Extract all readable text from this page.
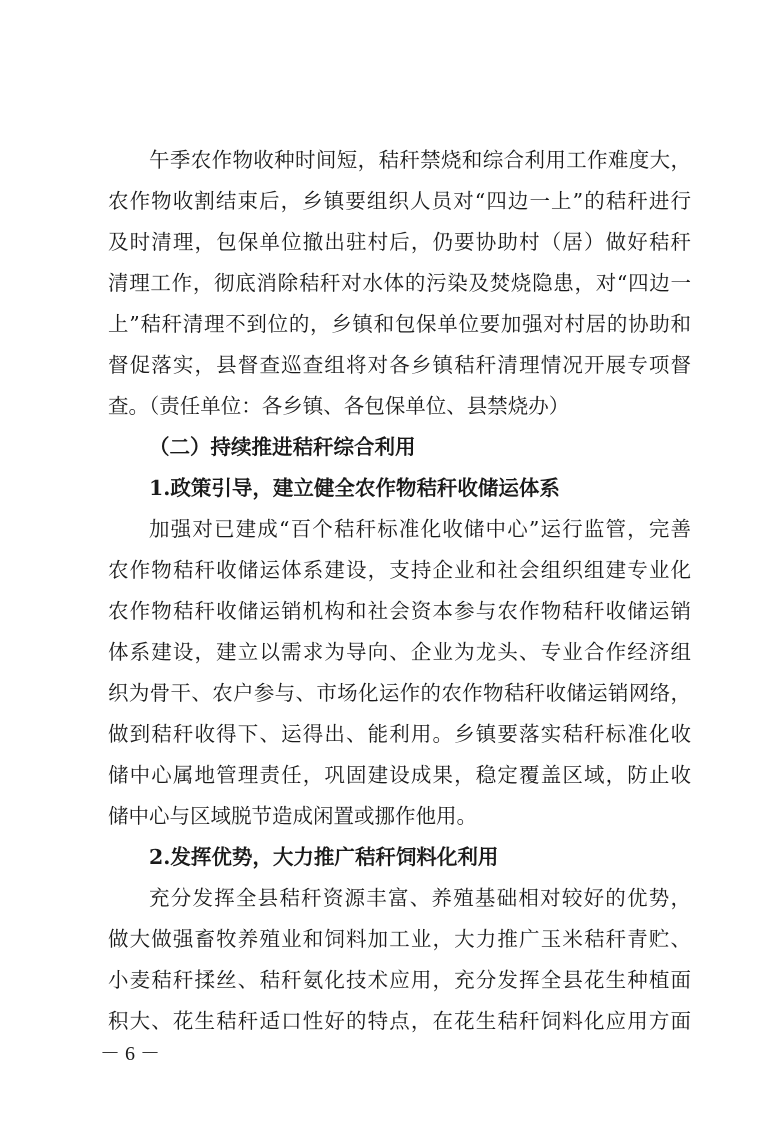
午季农作物收种时间短，秸秆禁烧和综合利用工作难度大，
农作物收割结束后，乡镇要组织人员对“四边一上”的秸秆进行
及时清理，包保单位撤出驻村后，仍要协助村（居）做好秸秆
清理工作，彻底消除秸秆对水体的污染及焚烧隐患，对“四边一
上”秸秆清理不到位的，乡镇和包保单位要加强对村居的协助和
督促落实，县督查巡查组将对各乡镇秸秆清理情况开展专项督
查。（责任单位：各乡镇、各包保单位、县禁烧办）
（二）持续推进秸秆综合利用
1.政策引导，建立健全农作物秸秆收储运体系
加强对已建成“百个秸秆标准化收储中心”运行监管，完善
农作物秸秆收储运体系建设，支持企业和社会组织组建专业化
农作物秸秆收储运销机构和社会资本参与农作物秸秆收储运销
体系建设，建立以需求为导向、企业为龙头、专业合作经济组
织为骨干、农户参与、市场化运作的农作物秸秆收储运销网络，
做到秸秆收得下、运得出、能利用。乡镇要落实秸秆标准化收
储中心属地管理责任，巩固建设成果，稳定覆盖区域，防止收
储中心与区域脱节造成闲置或挪作他用。
2.发挥优势，大力推广秸秆饲料化利用
充分发挥全县秸秆资源丰富、养殖基础相对较好的优势，
做大做强畜牧养殖业和饲料加工业，大力推广玉米秸秆青贮、
小麦秸秆揉丝、秸秆氨化技术应用，充分发挥全县花生种植面
积大、花生秸秆适口性好的特点，在花生秸秆饲料化应用方面
－ 6 －
